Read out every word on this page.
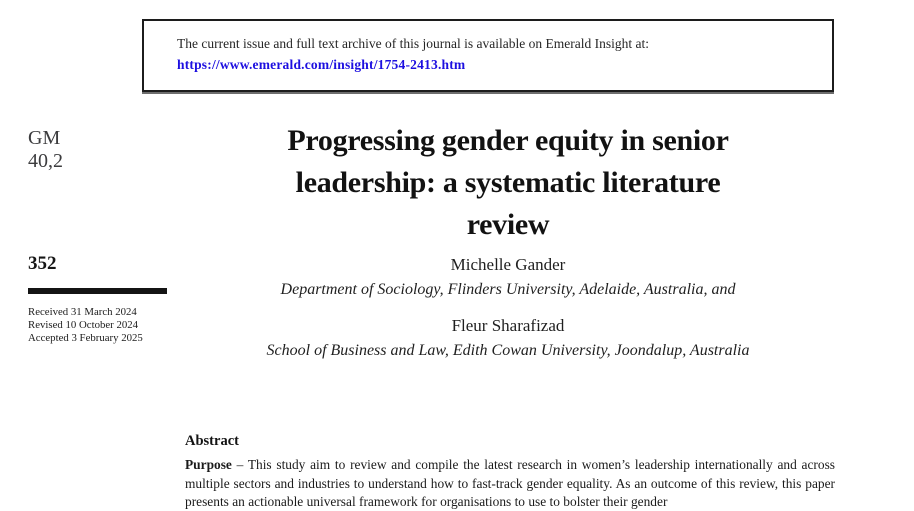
The current issue and full text archive of this journal is available on Emerald Insight at:
https://www.emerald.com/insight/1754-2413.htm
GM
40,2
352
Received 31 March 2024
Revised 10 October 2024
Accepted 3 February 2025
Progressing gender equity in senior
leadership: a systematic literature
review
Michelle Gander
Department of Sociology, Flinders University, Adelaide, Australia, and
Fleur Sharafizad
School of Business and Law, Edith Cowan University, Joondalup, Australia
Abstract

Purpose – This study aim to review and compile the latest research in women’s leadership internationally and across multiple sectors and industries to understand how to fast-track gender equality. As an outcome of this review, this paper presents an actionable universal framework for organisations to use to bolster their gender
